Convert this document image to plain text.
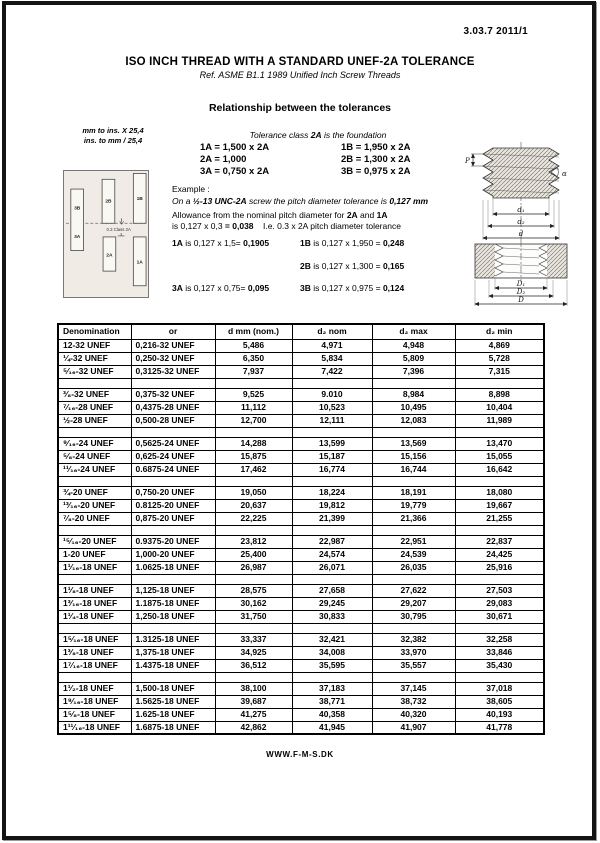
3.03.7 2011/1
ISO INCH THREAD WITH A STANDARD UNEF-2A TOLERANCE
Ref. ASME B1.1 1989 Unified Inch Screw Threads
Relationship between the tolerances
mm to ins. X 25,4
ins. to mm / 25,4
Tolerance class 2A is the foundation
1A = 1,500 x 2A
2A = 1,000
3A = 0,750 x 2A
1B = 1,950 x 2A
2B = 1,300 x 2A
3B = 0,975 x 2A
3B
3A
2B
2A
1B
1A
0.3 Class 2A
Example :
On a ½-13 UNC-2A screw the pitch diameter tolerance is 0,127 mm
Allowance from the nominal pitch diameter for 2A and 1A
is 0,127 x 0,3 = 0,038    I.e. 0.3 x 2A pitch diameter tolerance
1A is 0,127 x 1,5= 0,1905	1B is 0,127 x 1,950 = 0,248
2B is 0,127 x 1,300 = 0,165
3A is 0,127 x 0,75= 0,095	3B is 0,127 x 0,975 = 0,124
P
α
d₁
d₂
d
D₁
D₂
D
Denomination	or	d mm (nom.)	d₂ nom	d₂ max	d₂ min
12-32 UNEF	0,216-32 UNEF	5,486	4,971	4,948	4,869
¼-32 UNEF	0,250-32 UNEF	6,350	5,834	5,809	5,728
⁵⁄₁₆-32 UNEF	0,3125-32 UNEF	7,937	7,422	7,396	7,315

³⁄₈-32 UNEF	0,375-32 UNEF	9,525	9.010	8,984	8,898
⁷⁄₁₆-28 UNEF	0,4375-28 UNEF	11,112	10,523	10,495	10,404
½-28 UNEF	0,500-28 UNEF	12,700	12,111	12,083	11,989

⁹⁄₁₆-24 UNEF	0,5625-24 UNEF	14,288	13,599	13,569	13,470
⁵⁄₈-24 UNEF	0,625-24 UNEF	15,875	15,187	15,156	15,055
¹¹⁄₁₆-24 UNEF	0.6875-24 UNEF	17,462	16,774	16,744	16,642

¾-20 UNEF	0,750-20 UNEF	19,050	18,224	18,191	18,080
¹³⁄₁₆-20 UNEF	0.8125-20 UNEF	20,637	19,812	19,779	19,667
⁷⁄₈-20 UNEF	0,875-20 UNEF	22,225	21,399	21,366	21,255

¹⁵⁄₁₆-20 UNEF	0.9375-20 UNEF	23,812	22,987	22,951	22,837
1-20 UNEF	1,000-20 UNEF	25,400	24,574	24,539	24,425
1¹⁄₁₆-18 UNEF	1.0625-18 UNEF	26,987	26,071	26,035	25,916

1¹⁄₈-18 UNEF	1,125-18 UNEF	28,575	27,658	27,622	27,503
1³⁄₁₆-18 UNEF	1.1875-18 UNEF	30,162	29,245	29,207	29,083
1¹⁄₄-18 UNEF	1,250-18 UNEF	31,750	30,833	30,795	30,671

1⁵⁄₁₆-18 UNEF	1.3125-18 UNEF	33,337	32,421	32,382	32,258
1³⁄₈-18 UNEF	1,375-18 UNEF	34,925	34,008	33,970	33,846
1⁷⁄₁₆-18 UNEF	1.4375-18 UNEF	36,512	35,595	35,557	35,430

1¹⁄₂-18 UNEF	1,500-18 UNEF	38,100	37,183	37,145	37,018
1⁹⁄₁₆-18 UNEF	1.5625-18 UNEF	39,687	38,771	38,732	38,605
1⁵⁄₈-18 UNEF	1.625-18 UNEF	41,275	40,358	40,320	40,193
1¹¹⁄₁₆-18 UNEF	1.6875-18 UNEF	42,862	41,945	41,907	41,778
WWW.F-M-S.DK
